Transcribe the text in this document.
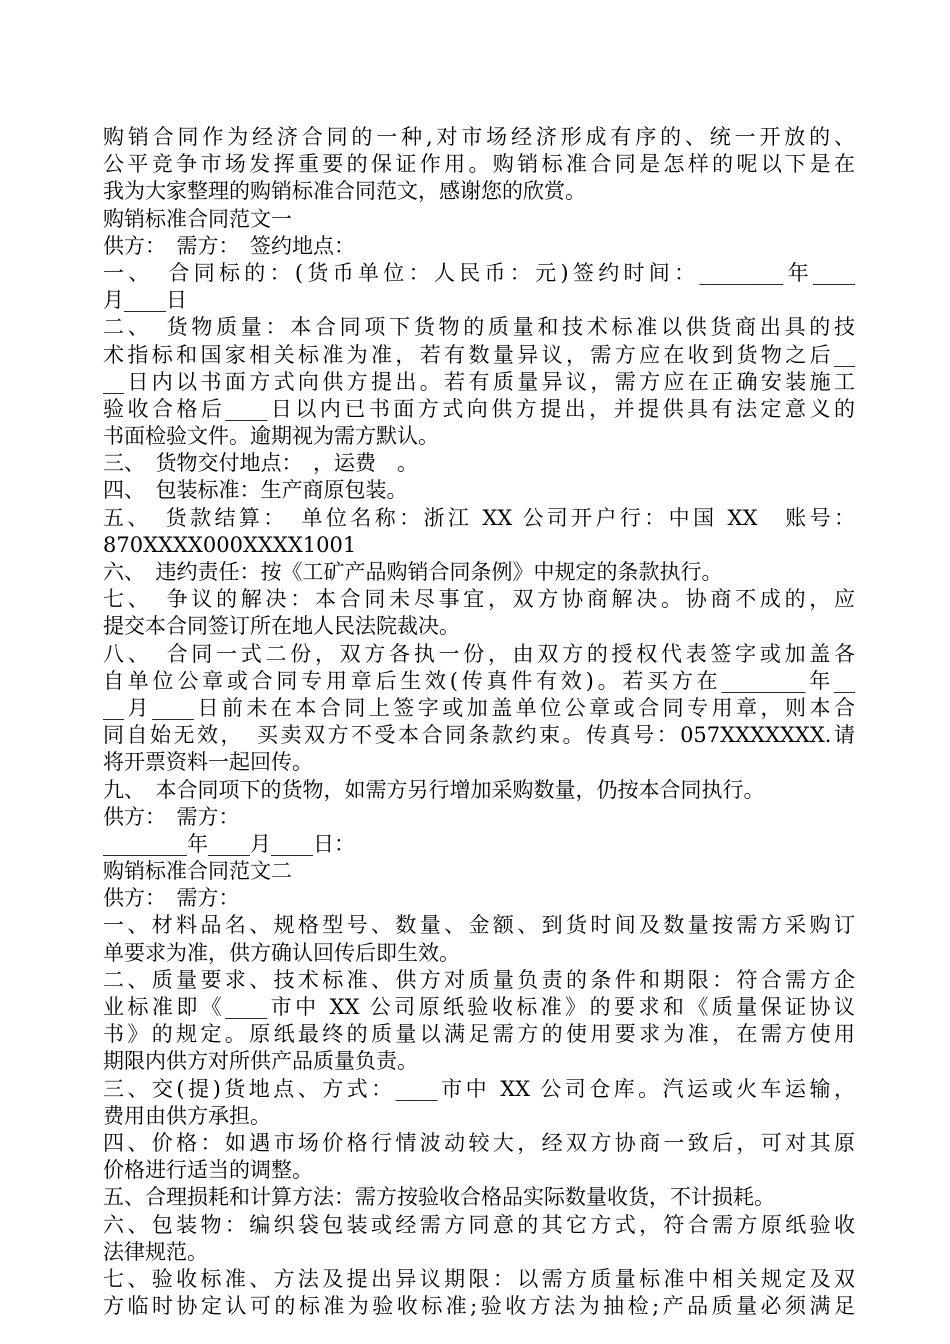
购销合同作为经济合同的一种,对市场经济形成有序的、统一开放的、
公平竞争市场发挥重要的保证作用。购销标准合同是怎样的呢以下是在
我为大家整理的购销标准合同范文，感谢您的欣赏。
购销标准合同范文一
供方：　需方：　签约地点：
一、　合同标的：(货币单位：人民币：元)签约时间：________年____
月____日
二、　货物质量：本合同项下货物的质量和技术标准以供货商出具的技
术指标和国家相关标准为准，若有数量异议，需方应在收到货物之后__
__日内以书面方式向供方提出。若有质量异议，需方应在正确安装施工
验收合格后____日以内已书面方式向供方提出，并提供具有法定意义的
书面检验文件。逾期视为需方默认。
三、　货物交付地点：　，运费　。
四、　包装标准：生产商原包装。
五、　货款结算：　单位名称：浙江 XX 公司开户行：中国 XX　账号：
870XXXX000XXXX1001
六、　违约责任：按《工矿产品购销合同条例》中规定的条款执行。
七、　争议的解决：本合同未尽事宜，双方协商解决。协商不成的，应
提交本合同签订所在地人民法院裁决。
八、　合同一式二份，双方各执一份，由双方的授权代表签字或加盖各
自单位公章或合同专用章后生效(传真件有效)。若买方在________年__
__月____日前未在本合同上签字或加盖单位公章或合同专用章，则本合
同自始无效，　买卖双方不受本合同条款约束。传真号：057XXXXXXX.请
将开票资料一起回传。
九、　本合同项下的货物，如需方另行增加采购数量，仍按本合同执行。
供方：　需方：
________年____月____日：
购销标准合同范文二
供方：　需方：
一、材料品名、规格型号、数量、金额、到货时间及数量按需方采购订
单要求为准，供方确认回传后即生效。
二、质量要求、技术标准、供方对质量负责的条件和期限：符合需方企
业标准即《____市中 XX 公司原纸验收标准》的要求和《质量保证协议
书》的规定。原纸最终的质量以满足需方的使用要求为准，在需方使用
期限内供方对所供产品质量负责。
三、交(提)货地点、方式：____市中 XX 公司仓库。汽运或火车运输，
费用由供方承担。
四、价格：如遇市场价格行情波动较大，经双方协商一致后，可对其原
价格进行适当的调整。
五、合理损耗和计算方法：需方按验收合格品实际数量收货，不计损耗。
六、包装物：编织袋包装或经需方同意的其它方式，符合需方原纸验收
法律规范。
七、验收标准、方法及提出异议期限：以需方质量标准中相关规定及双
方临时协定认可的标准为验收标准;验收方法为抽检;产品质量必须满足
